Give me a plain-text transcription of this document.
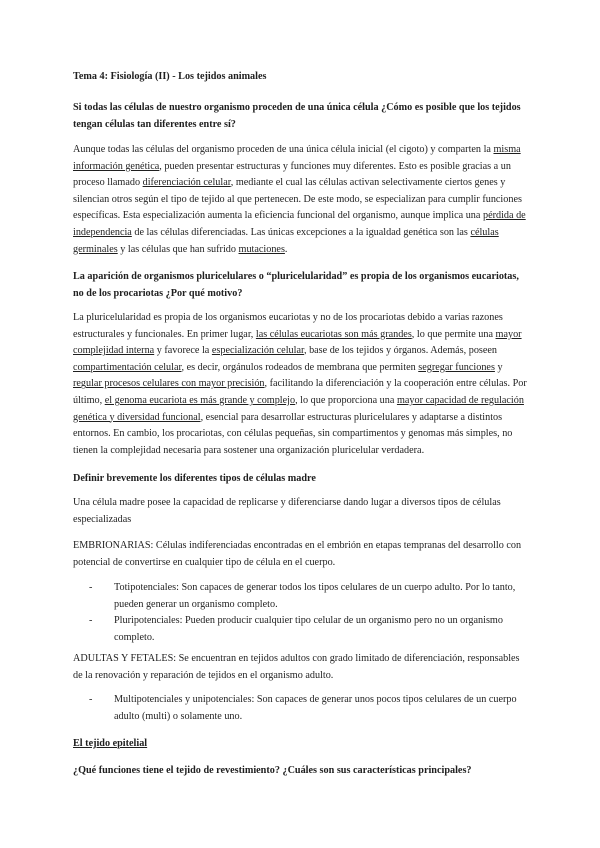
Tema 4: Fisiología (II) - Los tejidos animales
Si todas las células de nuestro organismo proceden de una única célula ¿Cómo es posible que los tejidos tengan células tan diferentes entre sí?
Aunque todas las células del organismo proceden de una única célula inicial (el cigoto) y comparten la misma información genética, pueden presentar estructuras y funciones muy diferentes. Esto es posible gracias a un proceso llamado diferenciación celular, mediante el cual las células activan selectivamente ciertos genes y silencian otros según el tipo de tejido al que pertenecen. De este modo, se especializan para cumplir funciones específicas. Esta especialización aumenta la eficiencia funcional del organismo, aunque implica una pérdida de independencia de las células diferenciadas. Las únicas excepciones a la igualdad genética son las células germinales y las células que han sufrido mutaciones.
La aparición de organismos pluricelulares o “pluricelularidad” es propia de los organismos eucariotas, no de los procariotas ¿Por qué motivo?
La pluricelularidad es propia de los organismos eucariotas y no de los procariotas debido a varias razones estructurales y funcionales. En primer lugar, las células eucariotas son más grandes, lo que permite una mayor complejidad interna y favorece la especialización celular, base de los tejidos y órganos. Además, poseen compartimentación celular, es decir, orgánulos rodeados de membrana que permiten segregar funciones y regular procesos celulares con mayor precisión, facilitando la diferenciación y la cooperación entre células. Por último, el genoma eucariota es más grande y complejo, lo que proporciona una mayor capacidad de regulación genética y diversidad funcional, esencial para desarrollar estructuras pluricelulares y adaptarse a distintos entornos. En cambio, los procariotas, con células pequeñas, sin compartimentos y genomas más simples, no tienen la complejidad necesaria para sostener una organización pluricelular verdadera.
Definir brevemente los diferentes tipos de células madre
Una célula madre posee la capacidad de replicarse y diferenciarse dando lugar a diversos tipos de células especializadas
EMBRIONARIAS: Células indiferenciadas encontradas en el embrión en etapas tempranas del desarrollo con potencial de convertirse en cualquier tipo de célula en el cuerpo.
- Totipotenciales: Son capaces de generar todos los tipos celulares de un cuerpo adulto. Por lo tanto, pueden generar un organismo completo.
- Pluripotenciales: Pueden producir cualquier tipo celular de un organismo pero no un organismo completo.
ADULTAS Y FETALES: Se encuentran en tejidos adultos con grado limitado de diferenciación, responsables de la renovación y reparación de tejidos en el organismo adulto.
- Multipotenciales y unipotenciales: Son capaces de generar unos pocos tipos celulares de un cuerpo adulto (multi) o solamente uno.
El tejido epitelial
¿Qué funciones tiene el tejido de revestimiento? ¿Cuáles son sus características principales?
